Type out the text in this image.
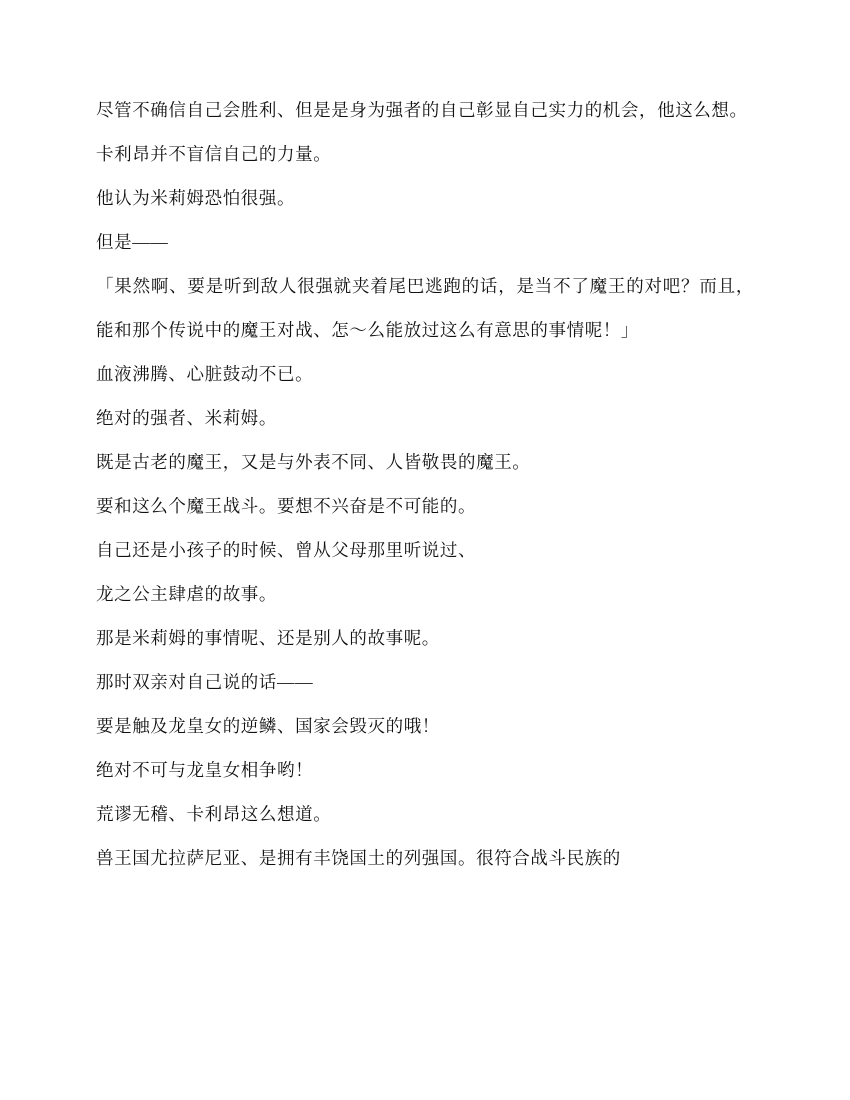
尽管不确信自己会胜利、但是是身为强者的自己彰显自己实力的机会，他这么想。

卡利昂并不盲信自己的力量。

他认为米莉姆恐怕很强。

但是——

「果然啊、要是听到敌人很强就夹着尾巴逃跑的话，是当不了魔王的对吧？而且，能和那个传说中的魔王对战、怎～么能放过这么有意思的事情呢！」

血液沸腾、心脏鼓动不已。

绝对的强者、米莉姆。

既是古老的魔王，又是与外表不同、人皆敬畏的魔王。

要和这么个魔王战斗。要想不兴奋是不可能的。

自己还是小孩子的时候、曾从父母那里听说过、

龙之公主肆虐的故事。

那是米莉姆的事情呢、还是别人的故事呢。

那时双亲对自己说的话——

要是触及龙皇女的逆鳞、国家会毁灭的哦！

绝对不可与龙皇女相争哟！

荒谬无稽、卡利昂这么想道。

兽王国尤拉萨尼亚、是拥有丰饶国土的列强国。很符合战斗民族的
